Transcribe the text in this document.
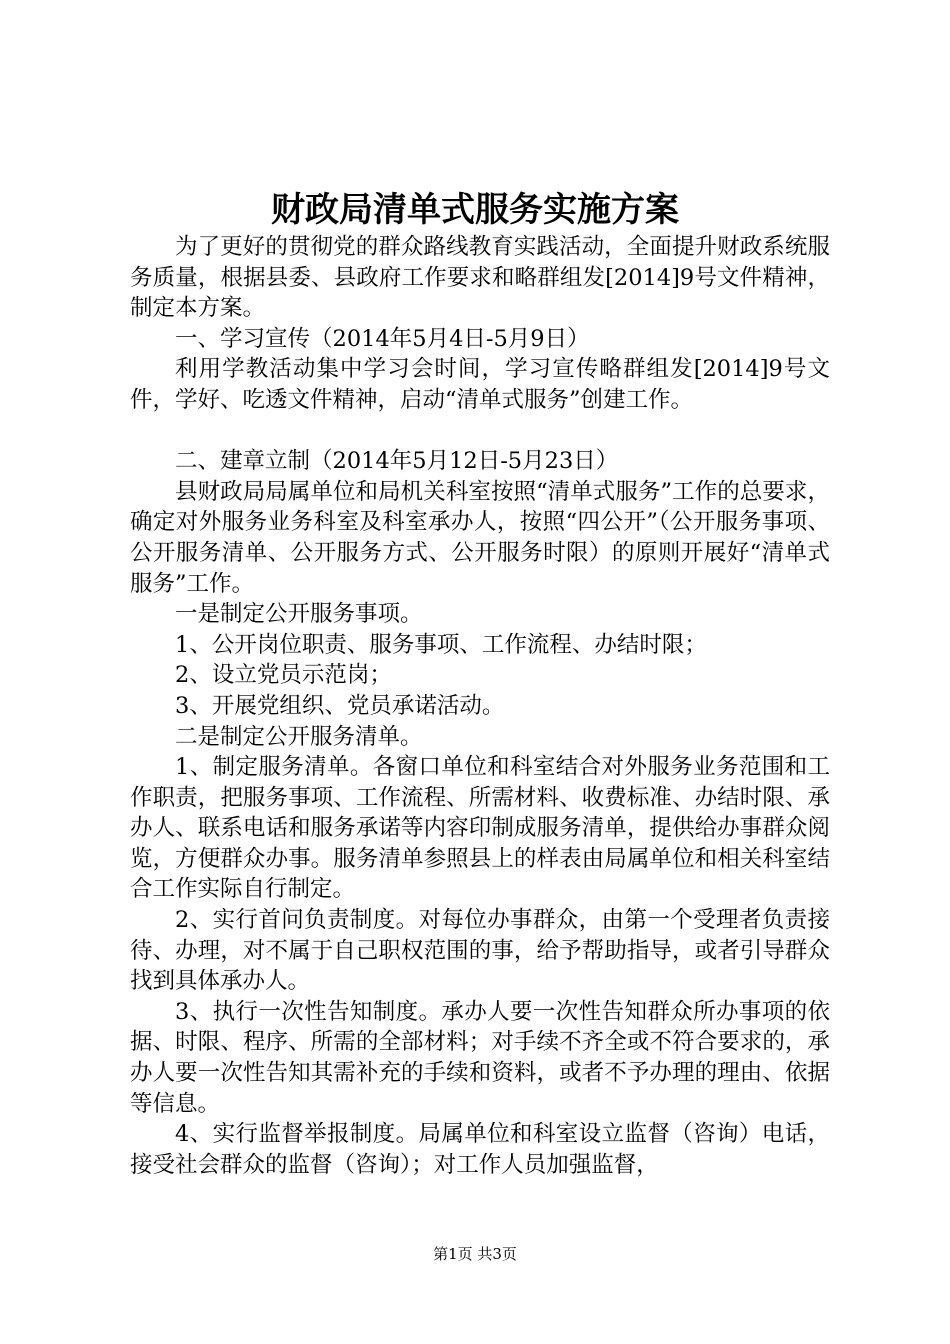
财政局清单式服务实施方案

为了更好的贯彻党的群众路线教育实践活动，全面提升财政系统服务质量，根据县委、县政府工作要求和略群组发[2014]9号文件精神，制定本方案。

一、学习宣传（2014年5月4日-5月9日）

利用学教活动集中学习会时间，学习宣传略群组发[2014]9号文件，学好、吃透文件精神，启动“清单式服务”创建工作。

二、建章立制（2014年5月12日-5月23日）

县财政局局属单位和局机关科室按照“清单式服务”工作的总要求，确定对外服务业务科室及科室承办人，按照“四公开”（公开服务事项、公开服务清单、公开服务方式、公开服务时限）的原则开展好“清单式服务”工作。

一是制定公开服务事项。

1、公开岗位职责、服务事项、工作流程、办结时限；

2、设立党员示范岗；

3、开展党组织、党员承诺活动。

二是制定公开服务清单。

1、制定服务清单。各窗口单位和科室结合对外服务业务范围和工作职责，把服务事项、工作流程、所需材料、收费标准、办结时限、承办人、联系电话和服务承诺等内容印制成服务清单，提供给办事群众阅览，方便群众办事。服务清单参照县上的样表由局属单位和相关科室结合工作实际自行制定。

2、实行首问负责制度。对每位办事群众，由第一个受理者负责接待、办理，对不属于自己职权范围的事，给予帮助指导，或者引导群众找到具体承办人。

3、执行一次性告知制度。承办人要一次性告知群众所办事项的依据、时限、程序、所需的全部材料；对手续不齐全或不符合要求的，承办人要一次性告知其需补充的手续和资料，或者不予办理的理由、依据等信息。

4、实行监督举报制度。局属单位和科室设立监督（咨询）电话，接受社会群众的监督（咨询）；对工作人员加强监督，

第1页 共3页
